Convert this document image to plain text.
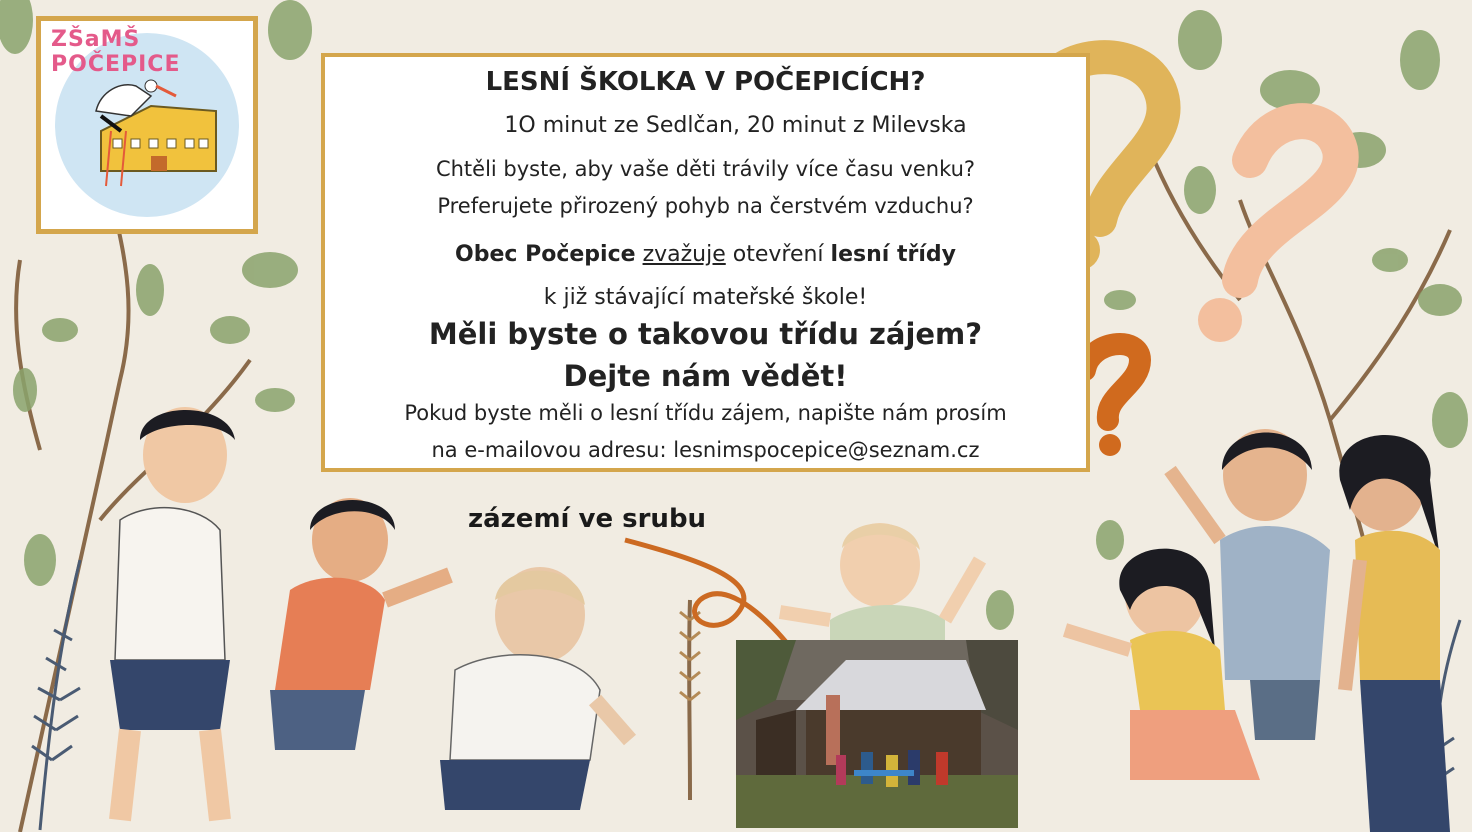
ZŠaMŠ POČEPICE
LESNÍ ŠKOLKA V POČEPICÍCH?
1O minut ze Sedlčan, 20 minut z Milevska
Chtěli byste, aby vaše děti trávily více času venku?
Preferujete přirozený pohyb na čerstvém vzduchu?
Obec Počepice zvažuje otevření lesní třídy
k již stávající mateřské škole!
Měli byste o takovou třídu zájem?
Dejte nám vědět!
Pokud byste měli o lesní třídu zájem, napište nám prosím
na e-mailovou adresu: lesnimspocepice@seznam.cz
zázemí ve srubu
